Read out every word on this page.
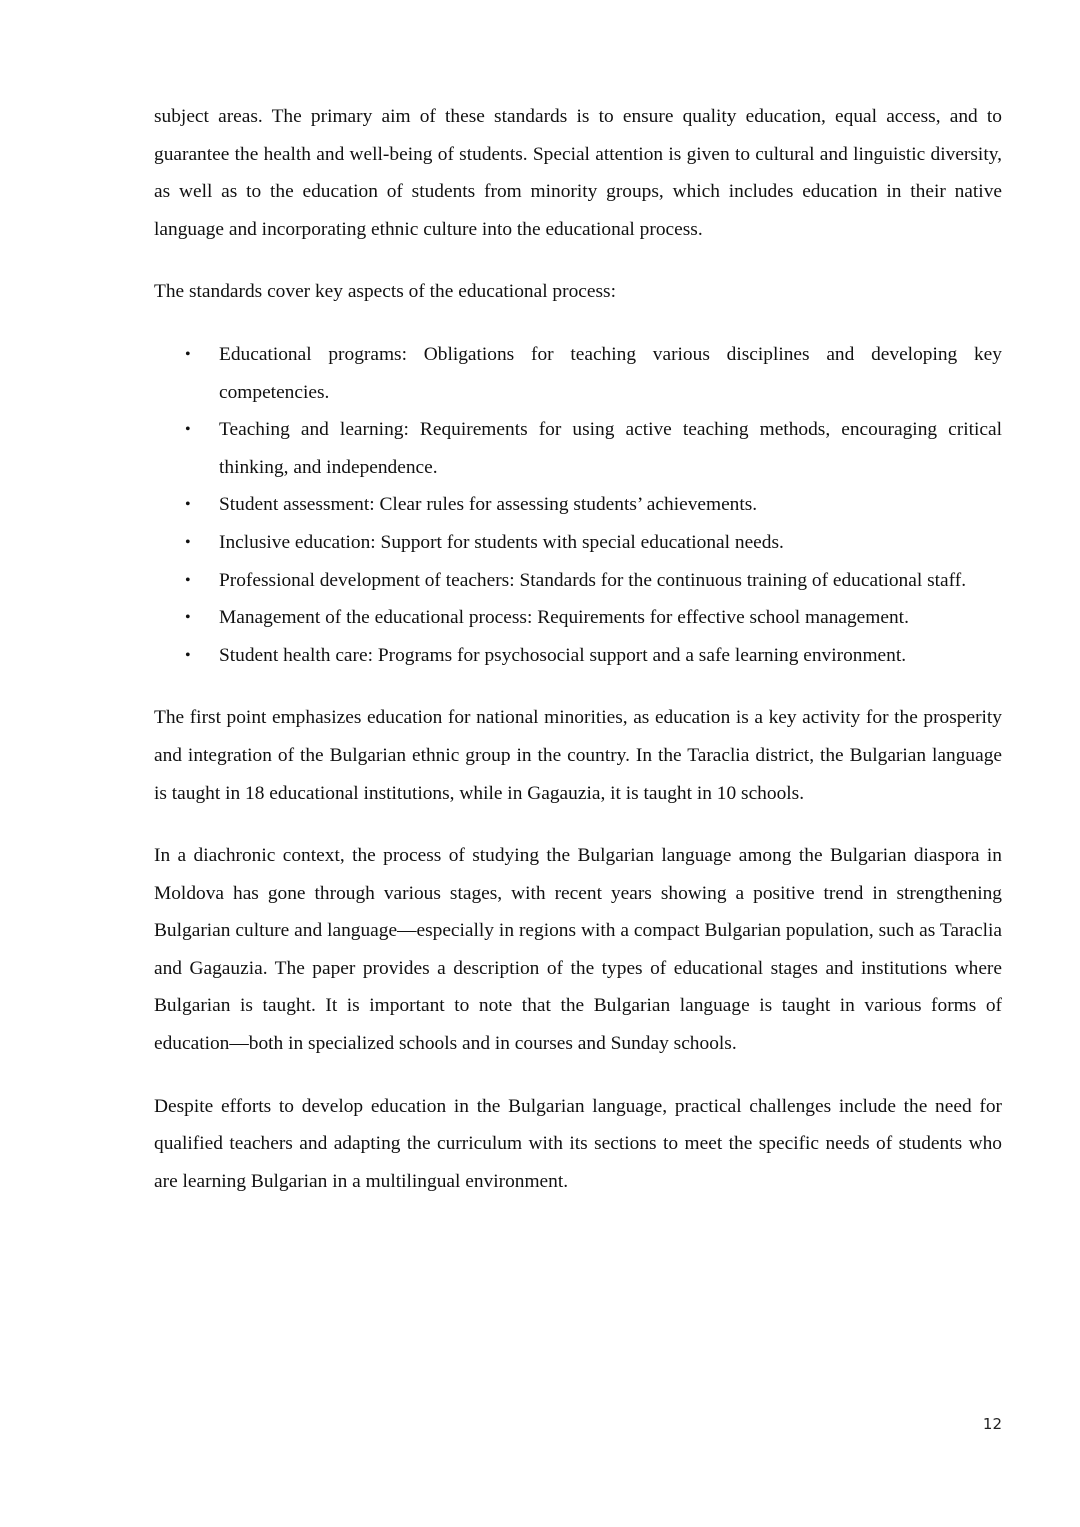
subject areas. The primary aim of these standards is to ensure quality education, equal access, and to guarantee the health and well-being of students. Special attention is given to cultural and linguistic diversity, as well as to the education of students from minority groups, which includes education in their native language and incorporating ethnic culture into the educational process.

The standards cover key aspects of the educational process:

• Educational programs: Obligations for teaching various disciplines and developing key competencies.
• Teaching and learning: Requirements for using active teaching methods, encouraging critical thinking, and independence.
• Student assessment: Clear rules for assessing students’ achievements.
• Inclusive education: Support for students with special educational needs.
• Professional development of teachers: Standards for the continuous training of educational staff.
• Management of the educational process: Requirements for effective school management.
• Student health care: Programs for psychosocial support and a safe learning environment.

The first point emphasizes education for national minorities, as education is a key activity for the prosperity and integration of the Bulgarian ethnic group in the country. In the Taraclia district, the Bulgarian language is taught in 18 educational institutions, while in Gagauzia, it is taught in 10 schools.

In a diachronic context, the process of studying the Bulgarian language among the Bulgarian diaspora in Moldova has gone through various stages, with recent years showing a positive trend in strengthening Bulgarian culture and language—especially in regions with a compact Bulgarian population, such as Taraclia and Gagauzia. The paper provides a description of the types of educational stages and institutions where Bulgarian is taught. It is important to note that the Bulgarian language is taught in various forms of education—both in specialized schools and in courses and Sunday schools.

Despite efforts to develop education in the Bulgarian language, practical challenges include the need for qualified teachers and adapting the curriculum with its sections to meet the specific needs of students who are learning Bulgarian in a multilingual environment.

12
